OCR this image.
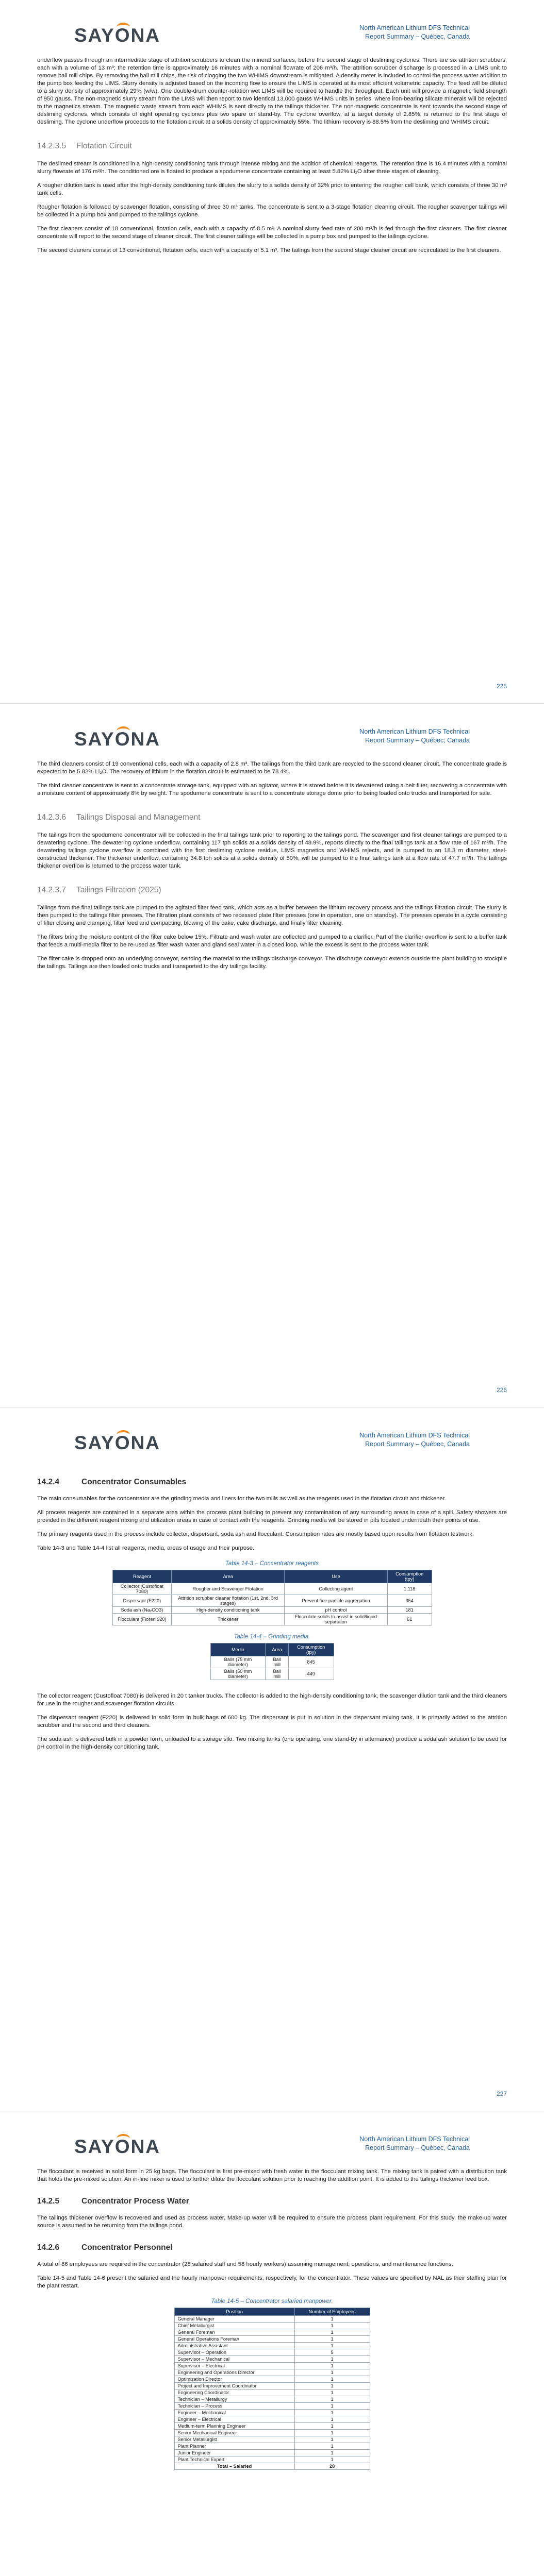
SAYONA	North American Lithium DFS Technical
Report Summary – Québec, Canada

underflow passes through an intermediate stage of attrition scrubbers to clean the mineral surfaces, before the second stage of desliming cyclones. There are six attrition scrubbers, each with a volume of 13 m³; the retention time is approximately 16 minutes with a nominal flowrate of 206 m³/h. The attrition scrubber discharge is processed in a LIMS unit to remove ball mill chips. By removing the ball mill chips, the risk of clogging the two WHIMS downstream is mitigated. A density meter is included to control the process water addition to the pump box feeding the LIMS. Slurry density is adjusted based on the incoming flow to ensure the LIMS is operated at its most efficient volumetric capacity. The feed will be diluted to a slurry density of approximately 29% (w/w). One double-drum counter-rotation wet LIMS will be required to handle the throughput. Each unit will provide a magnetic field strength of 950 gauss. The non-magnetic slurry stream from the LIMS will then report to two identical 13,000 gauss WHIMS units in series, where iron-bearing silicate minerals will be rejected to the magnetics stream. The magnetic waste stream from each WHIMS is sent directly to the tailings thickener. The non-magnetic concentrate is sent towards the second stage of desliming cyclones, which consists of eight operating cyclones plus two spare on stand-by. The cyclone overflow, at a target density of 2.85%, is returned to the first stage of desliming. The cyclone underflow proceeds to the flotation circuit at a solids density of approximately 55%. The lithium recovery is 88.5% from the desliming and WHIMS circuit.

14.2.3.5 Flotation Circuit

The deslimed stream is conditioned in a high-density conditioning tank through intense mixing and the addition of chemical reagents. The retention time is 16.4 minutes with a nominal slurry flowrate of 176 m³/h. The conditioned ore is floated to produce a spodumene concentrate containing at least 5.82% Li₂O after three stages of cleaning.

A rougher dilution tank is used after the high-density conditioning tank dilutes the slurry to a solids density of 32% prior to entering the rougher cell bank, which consists of three 30 m³ tank cells.

Rougher flotation is followed by scavenger flotation, consisting of three 30 m³ tanks. The concentrate is sent to a 3-stage flotation cleaning circuit. The rougher scavenger tailings will be collected in a pump box and pumped to the tailings cyclone.

The first cleaners consist of 18 conventional, flotation cells, each with a capacity of 8.5 m³. A nominal slurry feed rate of 200 m³/h is fed through the first cleaners. The first cleaner concentrate will report to the second stage of cleaner circuit. The first cleaner tailings will be collected in a pump box and pumped to the tailings cyclone.

The second cleaners consist of 13 conventional, flotation cells, each with a capacity of 5.1 m³. The tailings from the second stage cleaner circuit are recirculated to the first cleaners.

225
SAYONA	North American Lithium DFS Technical
Report Summary – Québec, Canada

The third cleaners consist of 19 conventional cells, each with a capacity of 2.8 m³. The tailings from the third bank are recycled to the second cleaner circuit. The concentrate grade is expected to be 5.82% Li₂O. The recovery of lithium in the flotation circuit is estimated to be 78.4%.

The third cleaner concentrate is sent to a concentrate storage tank, equipped with an agitator, where it is stored before it is dewatered using a belt filter, recovering a concentrate with a moisture content of approximately 8% by weight. The spodumene concentrate is sent to a concentrate storage dome prior to being loaded onto trucks and transported for sale.

14.2.3.6 Tailings Disposal and Management

The tailings from the spodumene concentrator will be collected in the final tailings tank prior to reporting to the tailings pond. The scavenger and first cleaner tailings are pumped to a dewatering cyclone. The dewatering cyclone underflow, containing 117 tph solids at a solids density of 48.9%, reports directly to the final tailings tank at a flow rate of 167 m³/h. The dewatering tailings cyclone overflow is combined with the first desliming cyclone residue, LIMS magnetics and WHIMS rejects, and is pumped to an 18.3 m diameter, steel-constructed thickener. The thickener underflow, containing 34.8 tph solids at a solids density of 50%, will be pumped to the final tailings tank at a flow rate of 47.7 m³/h. The tailings thickener overflow is returned to the process water tank.

14.2.3.7 Tailings Filtration (2025)

Tailings from the final tailings tank are pumped to the agitated filter feed tank, which acts as a buffer between the lithium recovery process and the tailings filtration circuit. The slurry is then pumped to the tailings filter presses. The filtration plant consists of two recessed plate filter presses (one in operation, one on standby). The presses operate in a cycle consisting of filter closing and clamping, filter feed and compacting, blowing of the cake, cake discharge, and finally filter cleaning.

The filters bring the moisture content of the filter cake below 15%. Filtrate and wash water are collected and pumped to a clarifier. Part of the clarifier overflow is sent to a buffer tank that feeds a multi-media filter to be re-used as filter wash water and gland seal water in a closed loop, while the excess is sent to the process water tank.

The filter cake is dropped onto an underlying conveyor, sending the material to the tailings discharge conveyor. The discharge conveyor extends outside the plant building to stockpile the tailings. Tailings are then loaded onto trucks and transported to the dry tailings facility.

226
SAYONA	North American Lithium DFS Technical
Report Summary – Québec, Canada
14.2.4	Concentrator Consumables

The main consumables for the concentrator are the grinding media and liners for the two mills as well as the reagents used in the flotation circuit and thickener.

All process reagents are contained in a separate area within the process plant building to prevent any contamination of any surrounding areas in case of a spill. Safety showers are provided in the different reagent mixing and utilization areas in case of contact with the reagents. Grinding media will be stored in pits located underneath their points of use.

The primary reagents used in the process include collector, dispersant, soda ash and flocculant. Consumption rates are mostly based upon results from flotation testwork.

Table 14-3 and Table 14-4 list all reagents, media, areas of usage and their purpose.

Table 14-3 – Concentrator reagents
Reagent	Area	Use	Consumption (tpy)
Collector (Custofloat 7080)	Rougher and Scavenger Flotation	Collecting agent	1,118
Dispersant (F220)	Attrition scrubber cleaner flotation (1st, 2nd, 3rd stages)	Prevent fine particle aggregation	354
Soda ash (Na₂CO3)	High-density conditioning tank	pH control	181
Flocculant (Floren 920)	Thickener	Flocculate solids to assist in solid/liquid separation	61
Table 14-4 – Grinding media.
Media	Area	Consumption (tpy)
Balls (75 mm diameter)	Ball mill	845
Balls (50 mm diameter)	Ball mill	449

The collector reagent (Custofloat 7080) is delivered in 20 t tanker trucks. The collector is added to the high-density conditioning tank, the scavenger dilution tank and the third cleaners for use in the rougher and scavenger flotation circuits.

The dispersant reagent (F220) is delivered in solid form in bulk bags of 600 kg. The dispersant is put in solution in the dispersant mixing tank. It is primarily added to the attrition scrubber and the second and third cleaners.

The soda ash is delivered bulk in a powder form, unloaded to a storage silo. Two mixing tanks (one operating, one stand-by in alternance) produce a soda ash solution to be used for pH control in the high-density conditioning tank.

227
SAYONA	North American Lithium DFS Technical
Report Summary – Québec, Canada

The flocculant is received in solid form in 25 kg bags. The flocculant is first pre-mixed with fresh water in the flocculant mixing tank. The mixing tank is paired with a distribution tank that holds the pre-mixed solution. An in-line mixer is used to further dilute the flocculant solution prior to reaching the addition point. It is added to the tailings thickener feed box.

14.2.5	Concentrator Process Water

The tailings thickener overflow is recovered and used as process water. Make-up water will be required to ensure the process plant requirement. For this study, the make-up water source is assumed to be returning from the tailings pond.

14.2.6	Concentrator Personnel

A total of 86 employees are required in the concentrator (28 salaried staff and 58 hourly workers) assuming management, operations, and maintenance functions.

Table 14-5 and Table 14-6 present the salaried and the hourly manpower requirements, respectively, for the concentrator. These values are specified by NAL as their staffing plan for the plant restart.

Table 14-5 – Concentrator salaried manpower.
Position	Number of Employees
General Manager	1
Chief Metallurgist	1
General Foreman	1
General Operations Foreman	1
Administrative Assistant	1
Supervisor – Operation	5
Supervisor – Mechanical	1
Supervisor – Electrical	1
Engineering and Operations Director	1
Optimization Director	1
Project and Improvement Coordinator	1
Engineering Coordinator	1
Technician – Metallurgy	1
Technician – Process	1
Engineer – Mechanical	1
Engineer – Electrical	1
Medium-term Planning Engineer	1
Senior Mechanical Engineer	1
Senior Metallurgist	1
Plant Planner	1
Junior Engineer	1
Plant Technical Expert	1
Total – Salaried	28
